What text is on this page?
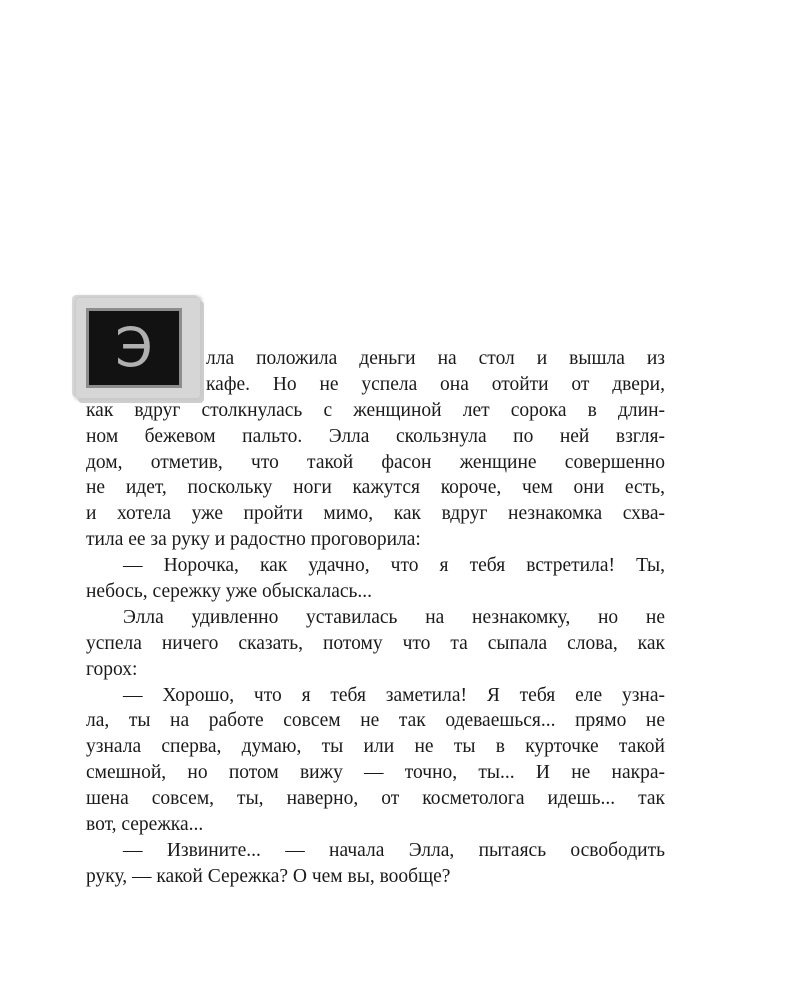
Э	лла положила деньги на стол и вышла из
кафе. Но не успела она отойти от двери,
как вдруг столкнулась с женщиной лет сорока в длин-
ном бежевом пальто. Элла скользнула по ней взгля-
дом, отметив, что такой фасон женщине совершенно
не идет, поскольку ноги кажутся короче, чем они есть,
и хотела уже пройти мимо, как вдруг незнакомка схва-
тила ее за руку и радостно проговорила:
— Норочка, как удачно, что я тебя встретила! Ты,
небось, сережку уже обыскалась...
Элла удивленно уставилась на незнакомку, но не
успела ничего сказать, потому что та сыпала слова, как
горох:
— Хорошо, что я тебя заметила! Я тебя еле узна-
ла, ты на работе совсем не так одеваешься... прямо не
узнала сперва, думаю, ты или не ты в курточке такой
смешной, но потом вижу — точно, ты... И не накра-
шена совсем, ты, наверно, от косметолога идешь... так
вот, сережка...
— Извините... — начала Элла, пытаясь освободить
руку, — какой Сережка? О чем вы, вообще?
